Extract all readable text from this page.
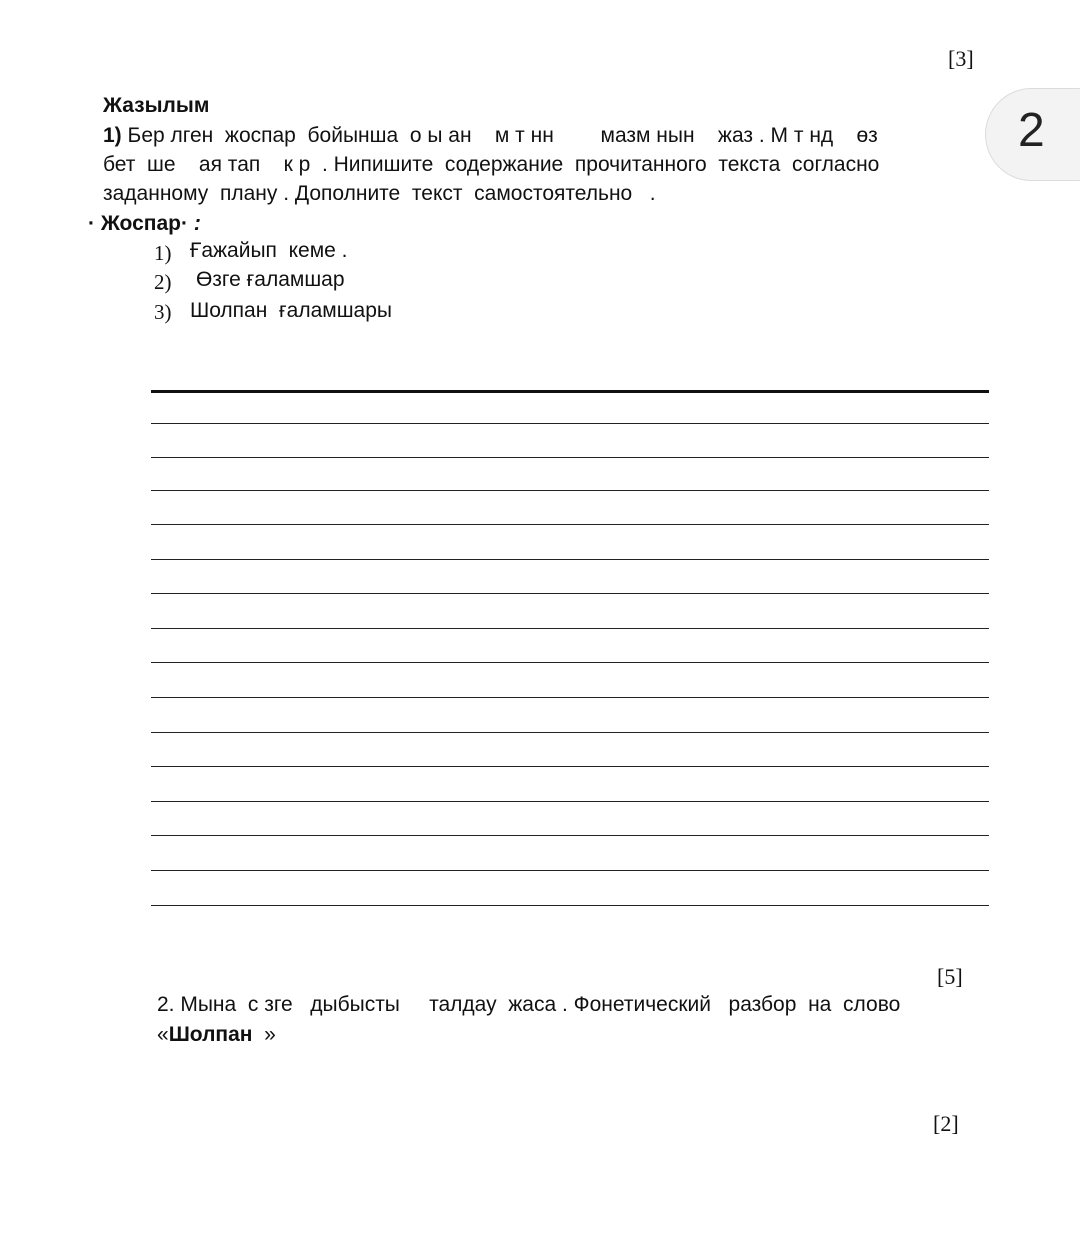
[3]
2
Жазылым
1) Бер лген  жоспар  бойынша  о ы ан    м т нн        мазм нын    жаз . М т нд    өз
бет  ше    ая тап    к р  . Нипишите  содержание  прочитанного  текста  согласно
заданному  плану . Дополните  текст  самостоятельно   .
· Жоспар· :
1) Ғажайып  кеме .
2) Өзге ғаламшар
3) Шолпан  ғаламшары
[5]
2. Мына  с зге   дыбысты     талдау  жаса . Фонетический   разбор  на  слово
«Шолпан  »
[2]
